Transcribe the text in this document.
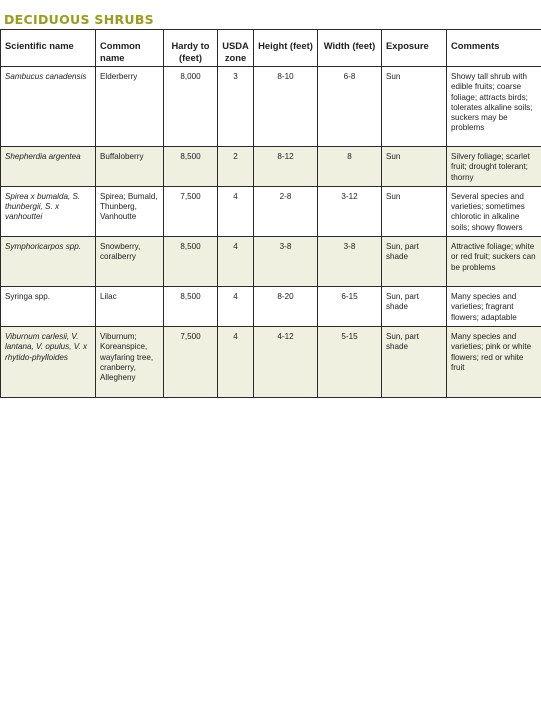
DECIDUOUS SHRUBS
Scientific name	Common name	Hardy to (feet)	USDA zone	Height (feet)	Width (feet)	Exposure	Comments
Sambucus canadensis	Elderberry	8,000	3	8-10	6-8	Sun	Showy tall shrub with edible fruits; coarse foliage; attracts birds; tolerates alkaline soils; suckers may be problems
Shepherdia argentea	Buffaloberry	8,500	2	8-12	8	Sun	Silvery foliage; scarlet fruit; drought tolerant; thorny
Spirea x bumalda, S. thunbergii, S. x vanhouttei	Spirea; Bumald, Thunberg, Vanhoutte	7,500	4	2-8	3-12	Sun	Several species and varieties; sometimes chlorotic in alkaline soils; showy flowers
Symphoricarpos spp.	Snowberry, coralberry	8,500	4	3-8	3-8	Sun, part shade	Attractive foliage; white or red fruit; suckers can be problems
Syringa spp.	Lilac	8,500	4	8-20	6-15	Sun, part shade	Many species and varieties; fragrant flowers; adaptable
Viburnum carlesii, V. lantana, V. opulus, V. x rhytido-phylloides	Viburnum; Koreanspice, wayfaring tree, cranberry, Allegheny	7,500	4	4-12	5-15	Sun, part shade	Many species and varieties; pink or white flowers; red or white fruit
